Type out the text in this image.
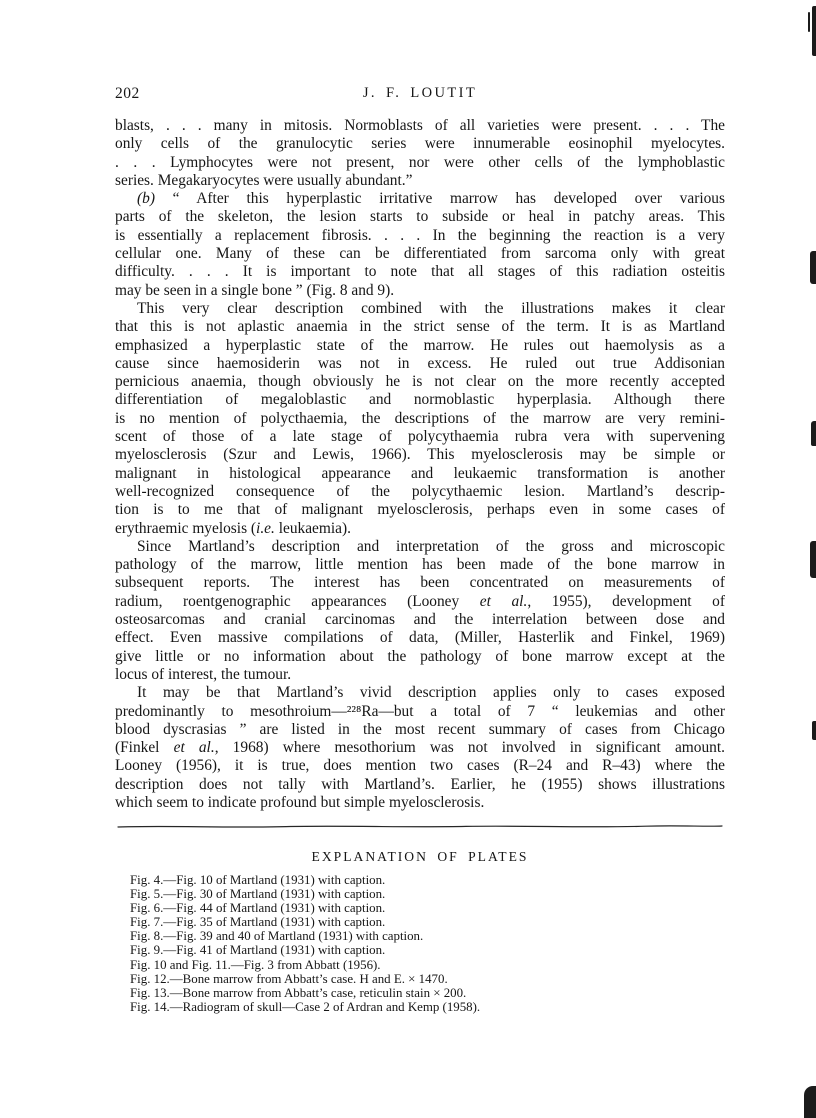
202	J. F. LOUTIT
blasts, . . . many in mitosis. Normoblasts of all varieties were present. . . . The
only cells of the granulocytic series were innumerable eosinophil myelocytes.
. . . Lymphocytes were not present, nor were other cells of the lymphoblastic
series. Megakaryocytes were usually abundant.”
(b) “ After this hyperplastic irritative marrow has developed over various
parts of the skeleton, the lesion starts to subside or heal in patchy areas. This
is essentially a replacement fibrosis. . . . In the beginning the reaction is a very
cellular one. Many of these can be differentiated from sarcoma only with great
difficulty. . . . It is important to note that all stages of this radiation osteitis
may be seen in a single bone ” (Fig. 8 and 9).
This very clear description combined with the illustrations makes it clear
that this is not aplastic anaemia in the strict sense of the term. It is as Martland
emphasized a hyperplastic state of the marrow. He rules out haemolysis as a
cause since haemosiderin was not in excess. He ruled out true Addisonian
pernicious anaemia, though obviously he is not clear on the more recently accepted
differentiation of megaloblastic and normoblastic hyperplasia. Although there
is no mention of polycthaemia, the descriptions of the marrow are very remini-
scent of those of a late stage of polycythaemia rubra vera with supervening
myelosclerosis (Szur and Lewis, 1966). This myelosclerosis may be simple or
malignant in histological appearance and leukaemic transformation is another
well-recognized consequence of the polycythaemic lesion. Martland’s descrip-
tion is to me that of malignant myelosclerosis, perhaps even in some cases of
erythraemic myelosis (i.e. leukaemia).
Since Martland’s description and interpretation of the gross and microscopic
pathology of the marrow, little mention has been made of the bone marrow in
subsequent reports. The interest has been concentrated on measurements of
radium, roentgenographic appearances (Looney et al., 1955), development of
osteosarcomas and cranial carcinomas and the interrelation between dose and
effect. Even massive compilations of data, (Miller, Hasterlik and Finkel, 1969)
give little or no information about the pathology of bone marrow except at the
locus of interest, the tumour.
It may be that Martland’s vivid description applies only to cases exposed
predominantly to mesothroium—²²⁸Ra—but a total of 7 “ leukemias and other
blood dyscrasias ” are listed in the most recent summary of cases from Chicago
(Finkel et al., 1968) where mesothorium was not involved in significant amount.
Looney (1956), it is true, does mention two cases (R–24 and R–43) where the
description does not tally with Martland’s. Earlier, he (1955) shows illustrations
which seem to indicate profound but simple myelosclerosis.
EXPLANATION OF PLATES
Fig. 4.—Fig. 10 of Martland (1931) with caption.
Fig. 5.—Fig. 30 of Martland (1931) with caption.
Fig. 6.—Fig. 44 of Martland (1931) with caption.
Fig. 7.—Fig. 35 of Martland (1931) with caption.
Fig. 8.—Fig. 39 and 40 of Martland (1931) with caption.
Fig. 9.—Fig. 41 of Martland (1931) with caption.
Fig. 10 and Fig. 11.—Fig. 3 from Abbatt (1956).
Fig. 12.—Bone marrow from Abbatt’s case. H and E. × 1470.
Fig. 13.—Bone marrow from Abbatt’s case, reticulin stain × 200.
Fig. 14.—Radiogram of skull—Case 2 of Ardran and Kemp (1958).
